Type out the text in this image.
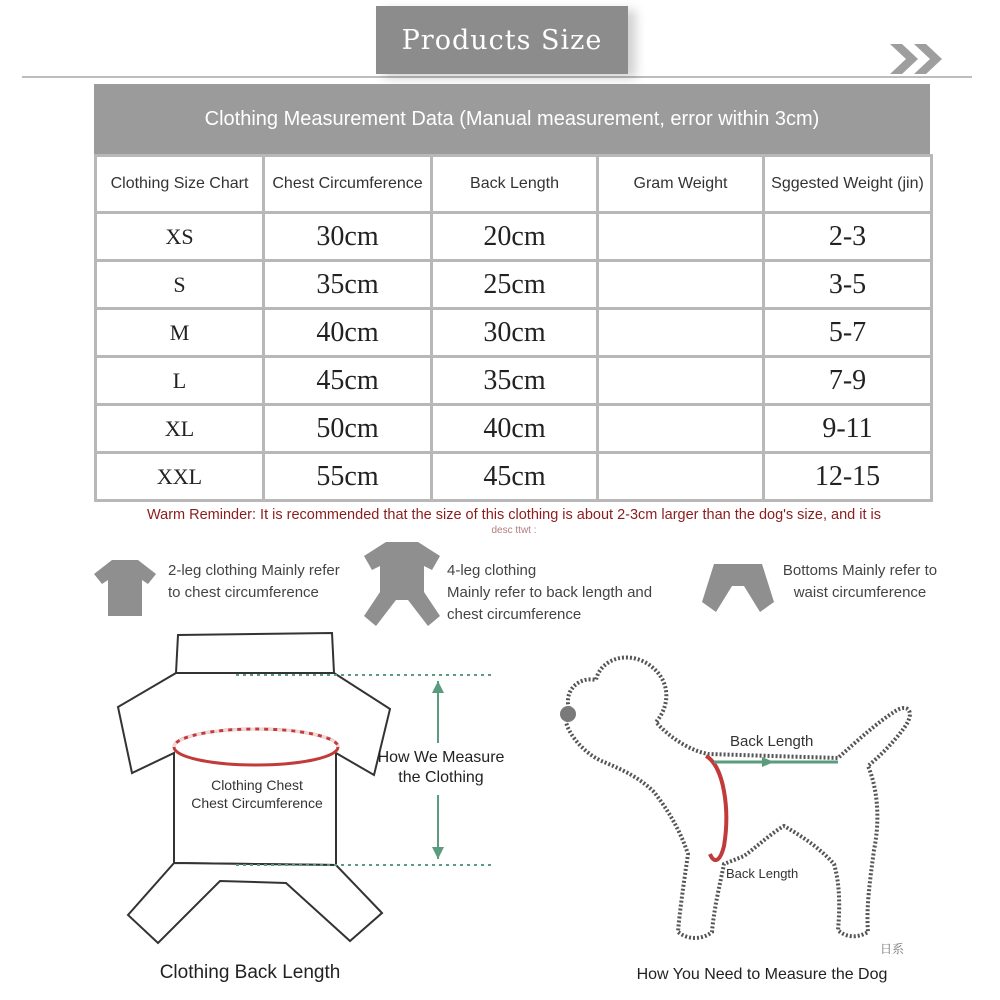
Products Size
Clothing Measurement Data (Manual measurement, error within 3cm)
Clothing Size Chart	Chest Circumference	Back Length	Gram Weight	Sggested Weight (jin)
XS	30cm	20cm		2-3
S	35cm	25cm		3-5
M	40cm	30cm		5-7
L	45cm	35cm		7-9
XL	50cm	40cm		9-11
XXL	55cm	45cm		12-15
Warm Reminder: It is recommended that the size of this clothing is about 2-3cm larger than the dog's size, and it is
desc ttwt :
2-leg clothing Mainly refer
to chest circumference
4-leg clothing
Mainly refer to back length and
chest circumference
Bottoms Mainly refer to
waist circumference
Clothing Chest
Chest Circumference
How We Measure
the Clothing
Clothing Back Length
Back Length
Back Length
How You Need to Measure the Dog
日系
